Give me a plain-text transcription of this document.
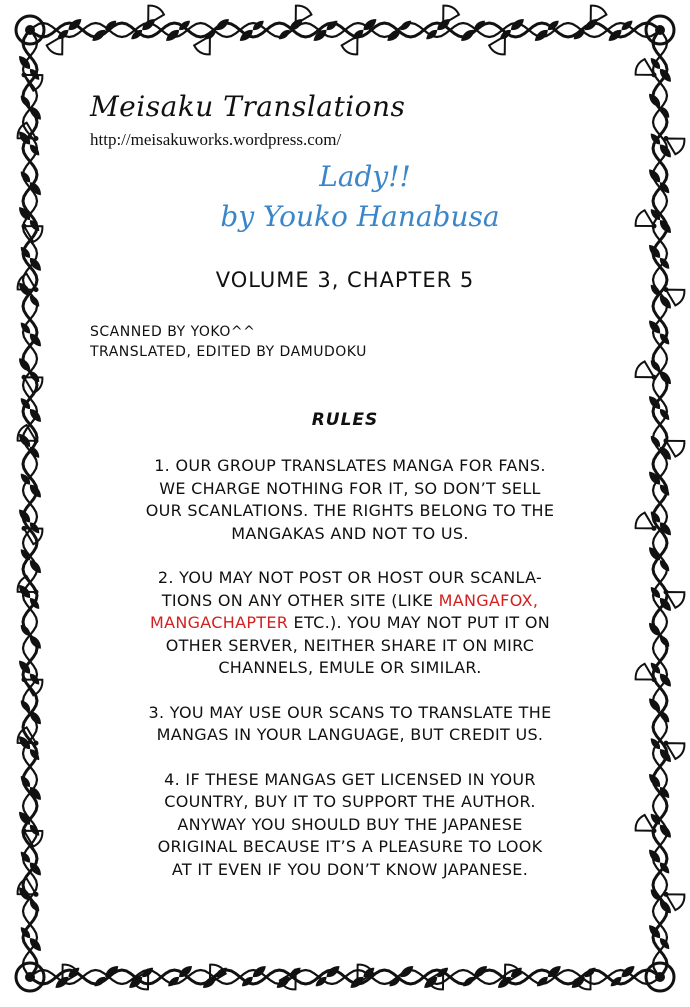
Meisaku Translations
http://meisakuworks.wordpress.com/
Lady!!
by Youko Hanabusa
VOLUME 3, CHAPTER 5
SCANNED BY YOKO^^
TRANSLATED, EDITED BY DAMUDOKU
RULES
1. OUR GROUP TRANSLATES MANGA FOR FANS.
WE CHARGE NOTHING FOR IT, SO DON’T SELL
OUR SCANLATIONS. THE RIGHTS BELONG TO THE
MANGAKAS AND NOT TO US.
2. YOU MAY NOT POST OR HOST OUR SCANLA-
TIONS ON ANY OTHER SITE (LIKE MANGAFOX,
MANGACHAPTER ETC.). YOU MAY NOT PUT IT ON
OTHER SERVER, NEITHER SHARE IT ON MIRC
CHANNELS, EMULE OR SIMILAR.
3. YOU MAY USE OUR SCANS TO TRANSLATE THE
MANGAS IN YOUR LANGUAGE, BUT CREDIT US.
4. IF THESE MANGAS GET LICENSED IN YOUR
COUNTRY, BUY IT TO SUPPORT THE AUTHOR.
ANYWAY YOU SHOULD BUY THE JAPANESE
ORIGINAL BECAUSE IT’S A PLEASURE TO LOOK
AT IT EVEN IF YOU DON’T KNOW JAPANESE.
